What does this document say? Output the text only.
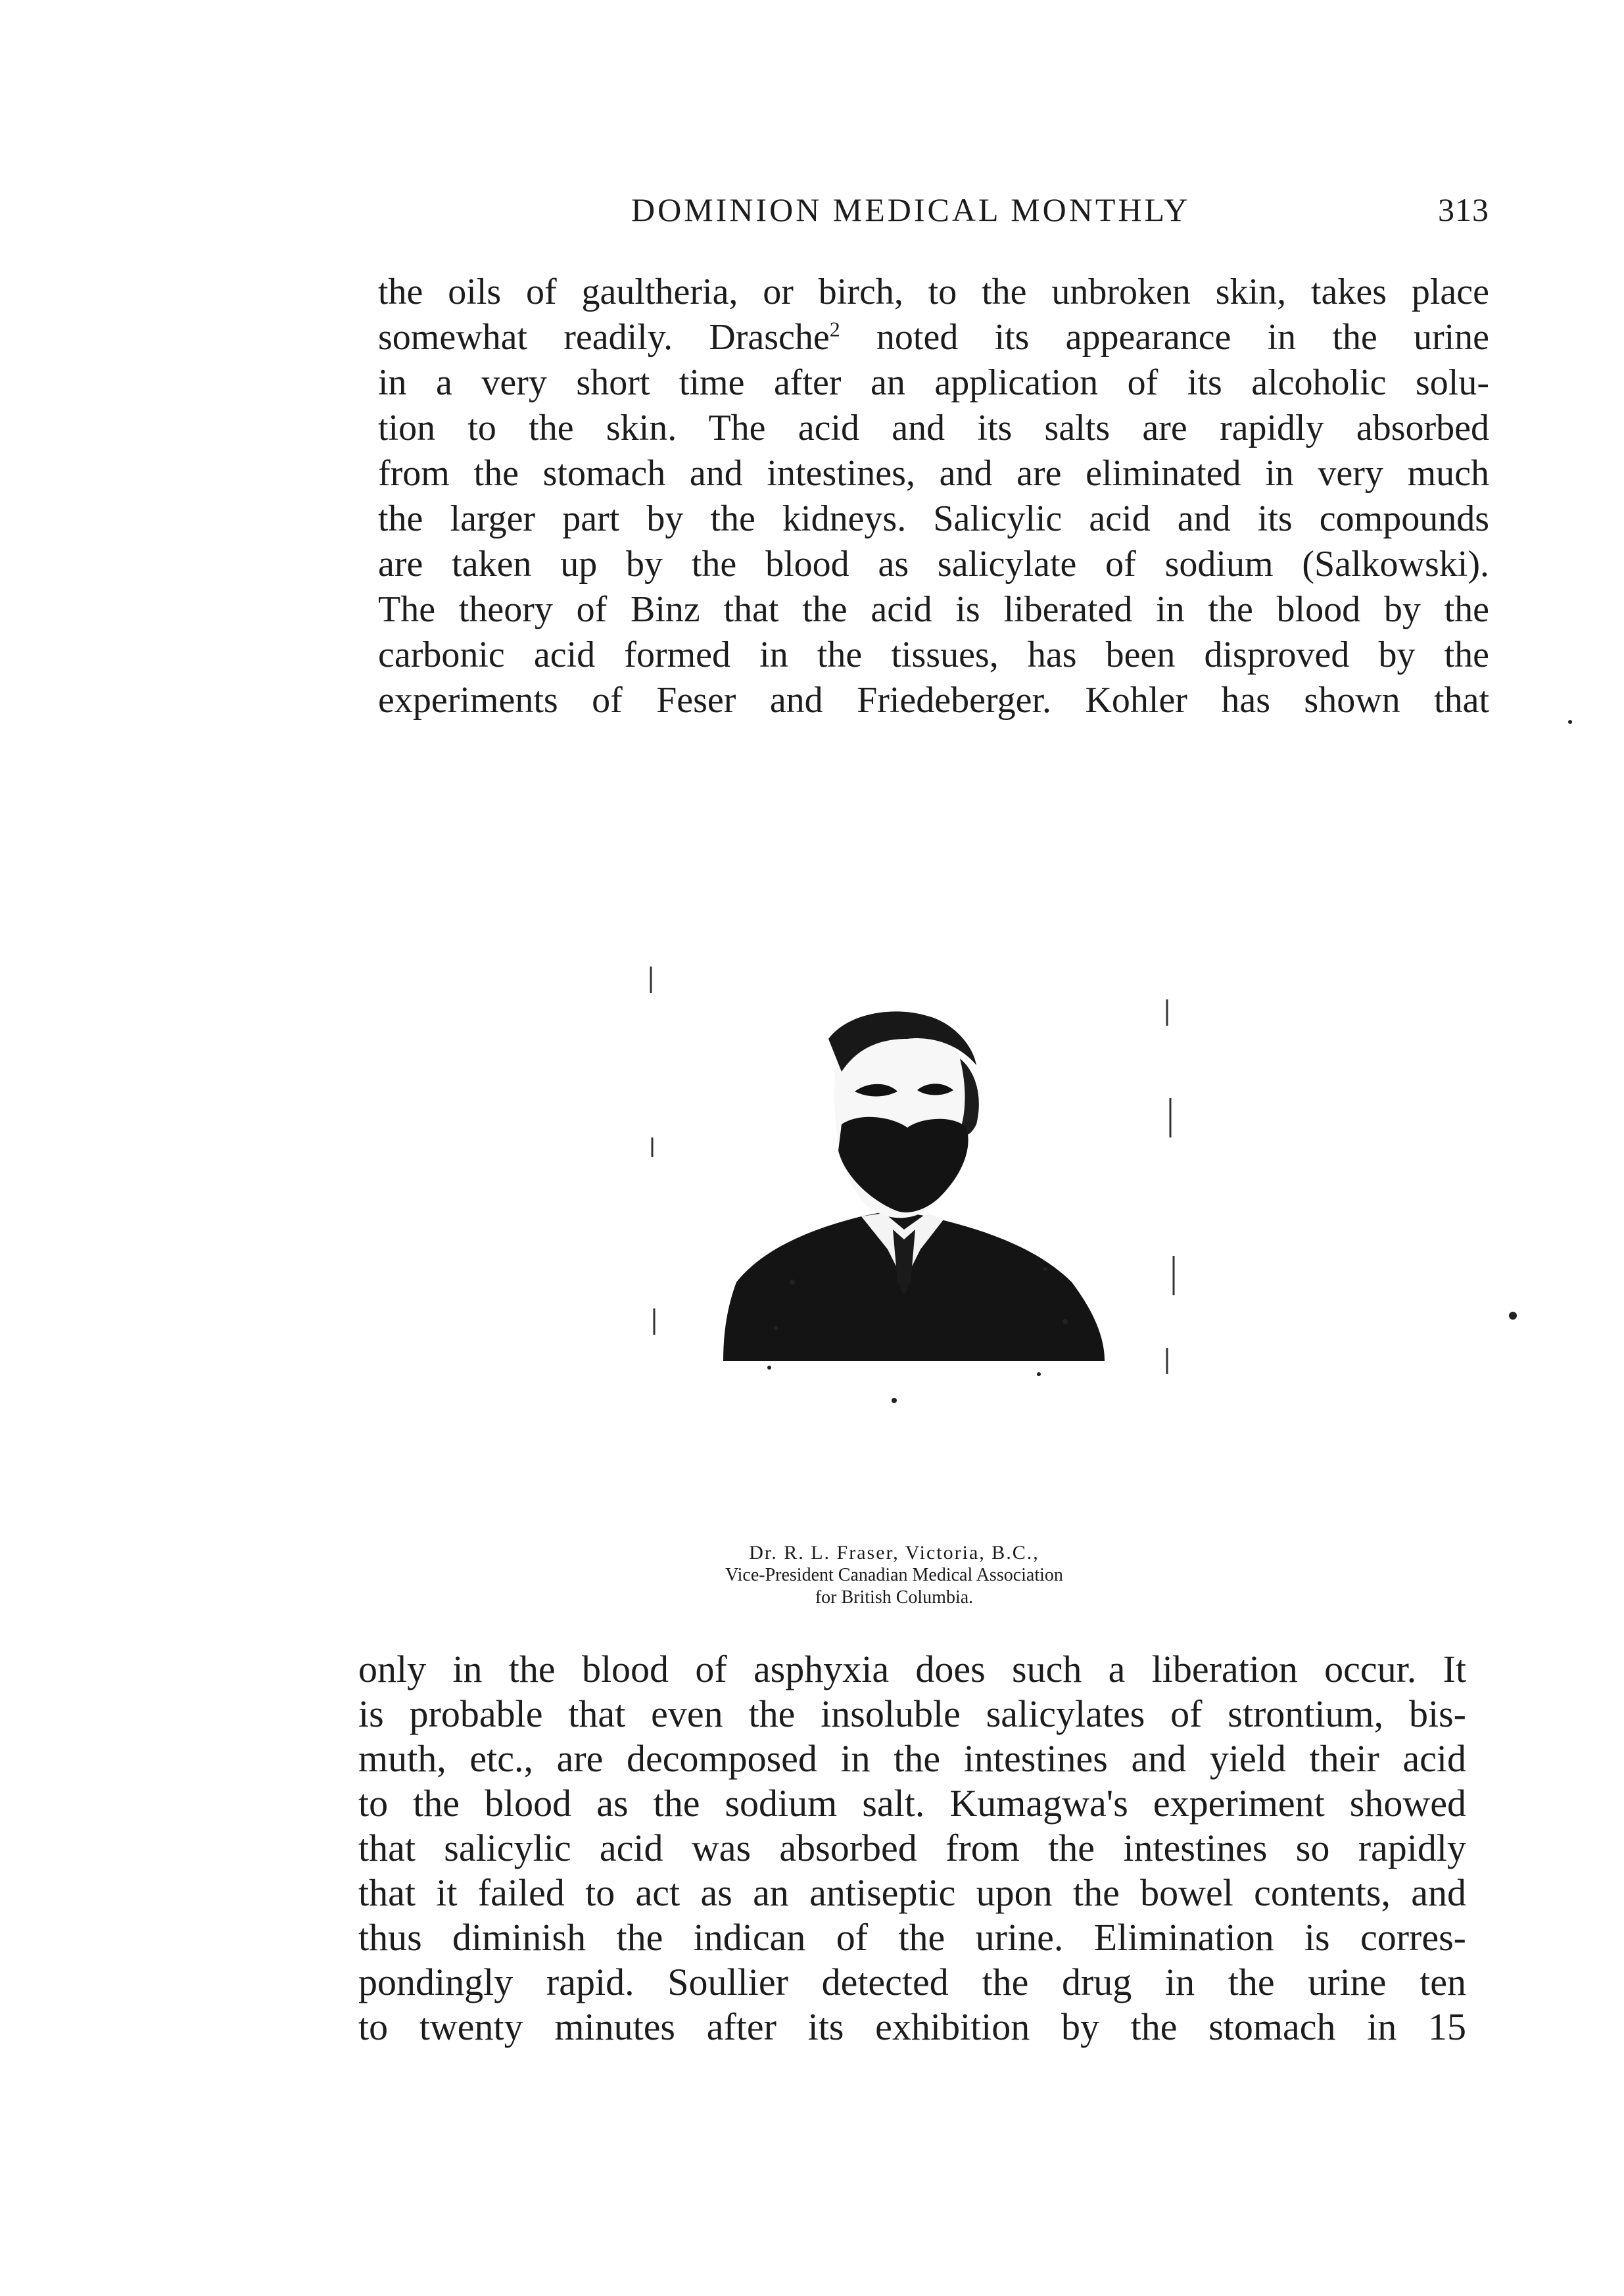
DOMINION MEDICAL MONTHLY	313
the oils of gaultheria, or birch, to the unbroken skin, takes place
somewhat readily. Drasche$^2$ noted its appearance in the urine
in a very short time after an application of its alcoholic solu-
tion to the skin. The acid and its salts are rapidly absorbed
from the stomach and intestines, and are eliminated in very much
the larger part by the kidneys. Salicylic acid and its compounds
are taken up by the blood as salicylate of sodium (Salkowski).
The theory of Binz that the acid is liberated in the blood by the
carbonic acid formed in the tissues, has been disproved by the
experiments of Feser and Friedeberger. Kohler has shown that
Dr. R. L. Fraser, Victoria, B.C.,
Vice-President Canadian Medical Association
for British Columbia.
only in the blood of asphyxia does such a liberation occur. It
is probable that even the insoluble salicylates of strontium, bis-
muth, etc., are decomposed in the intestines and yield their acid
to the blood as the sodium salt. Kumagwa's experiment showed
that salicylic acid was absorbed from the intestines so rapidly
that it failed to act as an antiseptic upon the bowel contents, and
thus diminish the indican of the urine. Elimination is corres-
pondingly rapid. Soullier detected the drug in the urine ten
to twenty minutes after its exhibition by the stomach in 15
